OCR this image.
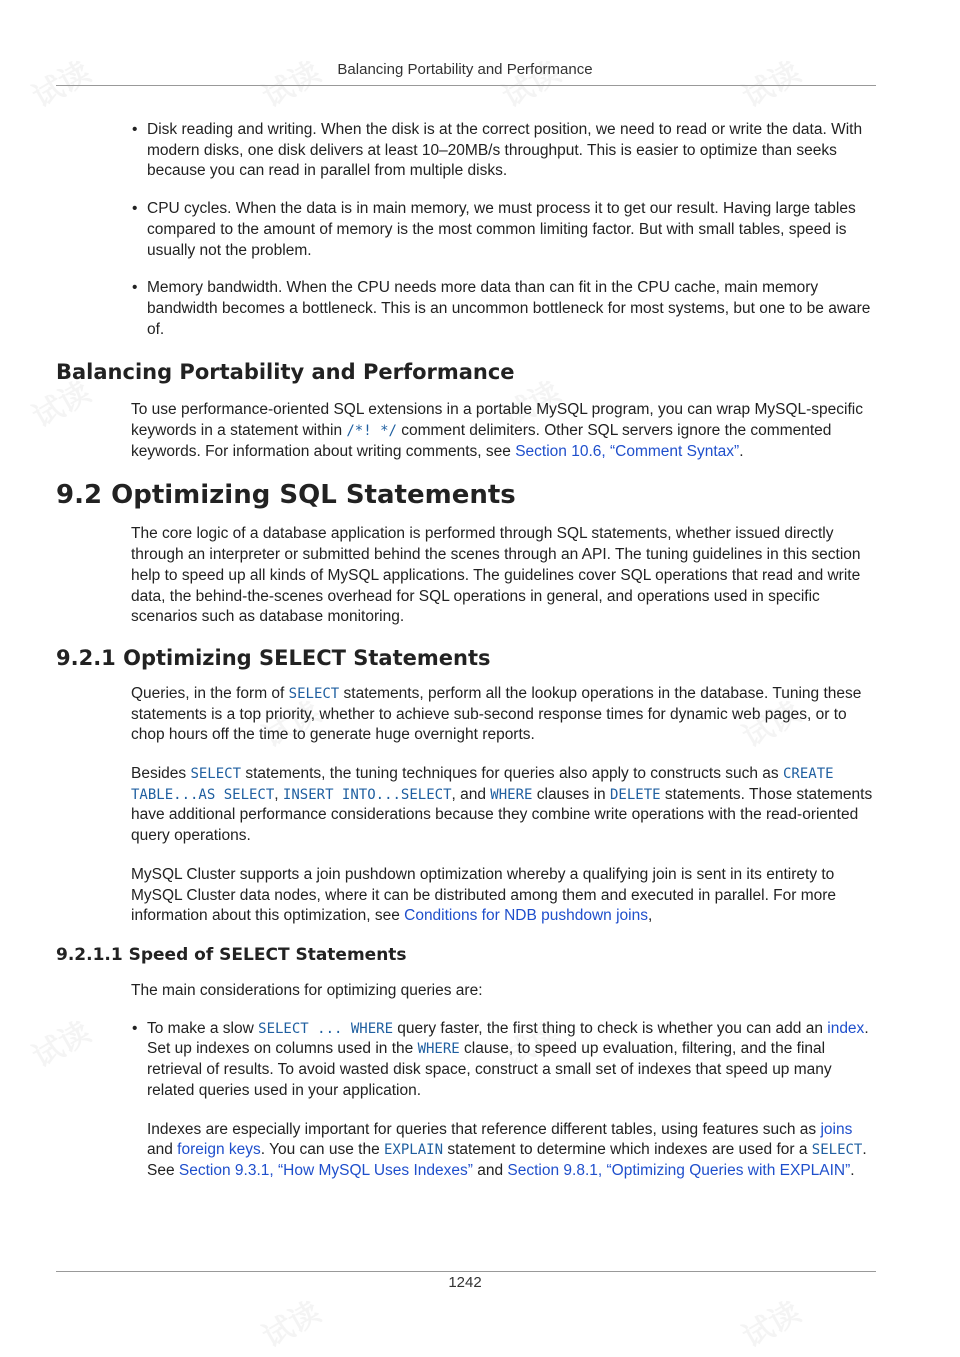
试读	试读	试读	试读
试读	试读
试读	试读
试读	试读
试读	试读
Balancing Portability and Performance
• Disk reading and writing. When the disk is at the correct position, we need to read or write the data. With modern disks, one disk delivers at least 10–20MB/s throughput. This is easier to optimize than seeks because you can read in parallel from multiple disks.
• CPU cycles. When the data is in main memory, we must process it to get our result. Having large tables compared to the amount of memory is the most common limiting factor. But with small tables, speed is usually not the problem.
• Memory bandwidth. When the CPU needs more data than can fit in the CPU cache, main memory bandwidth becomes a bottleneck. This is an uncommon bottleneck for most systems, but one to be aware of.
Balancing Portability and Performance

To use performance-oriented SQL extensions in a portable MySQL program, you can wrap MySQL-specific keywords in a statement within /*! */ comment delimiters. Other SQL servers ignore the commented keywords. For information about writing comments, see Section 10.6, “Comment Syntax”.

9.2 Optimizing SQL Statements

The core logic of a database application is performed through SQL statements, whether issued directly through an interpreter or submitted behind the scenes through an API. The tuning guidelines in this section help to speed up all kinds of MySQL applications. The guidelines cover SQL operations that read and write data, the behind-the-scenes overhead for SQL operations in general, and operations used in specific scenarios such as database monitoring.

9.2.1 Optimizing SELECT Statements

Queries, in the form of SELECT statements, perform all the lookup operations in the database. Tuning these statements is a top priority, whether to achieve sub-second response times for dynamic web pages, or to chop hours off the time to generate huge overnight reports.

Besides SELECT statements, the tuning techniques for queries also apply to constructs such as CREATE TABLE...AS SELECT, INSERT INTO...SELECT, and WHERE clauses in DELETE statements. Those statements have additional performance considerations because they combine write operations with the read-oriented query operations.

MySQL Cluster supports a join pushdown optimization whereby a qualifying join is sent in its entirety to MySQL Cluster data nodes, where it can be distributed among them and executed in parallel. For more information about this optimization, see Conditions for NDB pushdown joins,

9.2.1.1 Speed of SELECT Statements

The main considerations for optimizing queries are:

• To make a slow SELECT ... WHERE query faster, the first thing to check is whether you can add an index. Set up indexes on columns used in the WHERE clause, to speed up evaluation, filtering, and the final retrieval of results. To avoid wasted disk space, construct a small set of indexes that speed up many related queries used in your application.

Indexes are especially important for queries that reference different tables, using features such as joins and foreign keys. You can use the EXPLAIN statement to determine which indexes are used for a SELECT. See Section 9.3.1, “How MySQL Uses Indexes” and Section 9.8.1, “Optimizing Queries with EXPLAIN”.

1242
